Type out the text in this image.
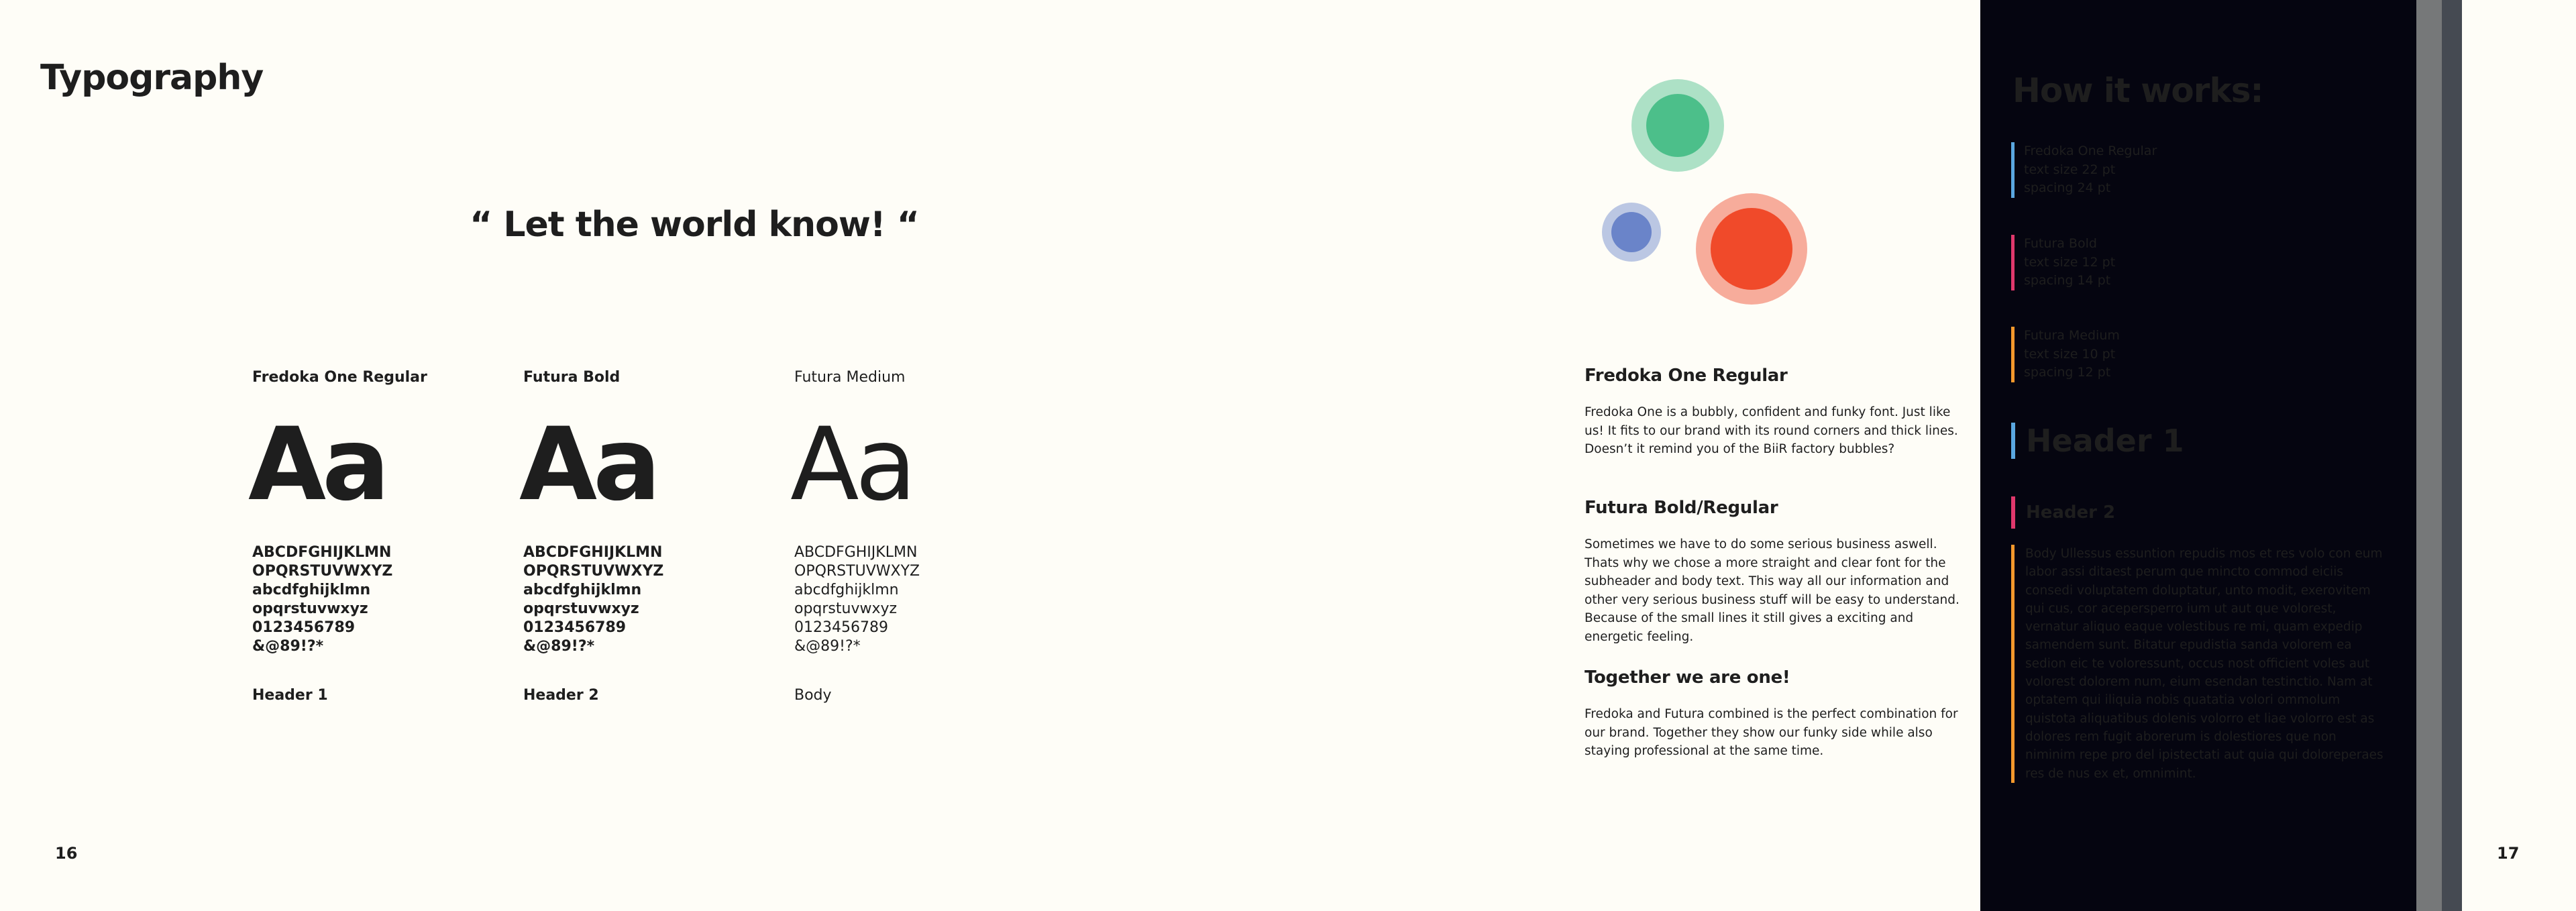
Typography
“ Let the world know! “

Fredoka One Regular

Aa
ABCDFGHIJKLMN
OPQRSTUVWXYZ
abcdfghijklmn
opqrstuvwxyz
0123456789
&@89!?*
Header 1

Futura Bold

Aa
ABCDFGHIJKLMN
OPQRSTUVWXYZ
abcdfghijklmn
opqrstuvwxyz
0123456789
&@89!?*
Header 2

Futura Medium

Aa
ABCDFGHIJKLMN
OPQRSTUVWXYZ
abcdfghijklmn
opqrstuvwxyz
0123456789
&@89!?*
Body
Fredoka One Regular

Fredoka One is a bubbly, confident and funky font. Just like us! It fits to our brand with its round corners and thick lines. Doesn’t it remind you of the BiiR factory bubbles?

Futura Bold/Regular

Sometimes we have to do some serious business aswell. Thats why we chose a more straight and clear font for the subheader and body text. This way all our information and other very serious business stuff will be easy to understand. Because of the small lines it still gives a exciting and energetic feeling.

Together we are one!

Fredoka and Futura combined is the perfect combination for our brand. Together they show our funky side while also staying professional at the same time.

How it works:
Fredoka One Regular
text size 22 pt
spacing 24 pt
Futura Bold
text size 12 pt
spacing 14 pt
Futura Medium
text size 10 pt
spacing 12 pt
Header 1
Header 2
Body Ullessus essuntion repudis mos et res volo con eum labor assi ditaest perum que mincto commod eiciis consedi voluptatem doluptatur, unto modit, exerovitem qui cus, cor acepersperro ium ut aut que volorest, vernatur aliquo eaque volestibus re mi, quam expedip samendem sunt. Bitatur epudistia sanda volorem ea sedion eic te voloressunt, occus nost officient voles aut volorest dolorem num, eium esendan testinctio. Nam at optatem qui iliquia nobis quatatia volori ommolum quistota aliquatibus dolenis volorro et liae volorro est as dolores rem fugit aborerum is dolestiores que non niminim repe pro del ipistectati aut quia qui doloreperaes res de nus ex et, omnimint.
16	17
